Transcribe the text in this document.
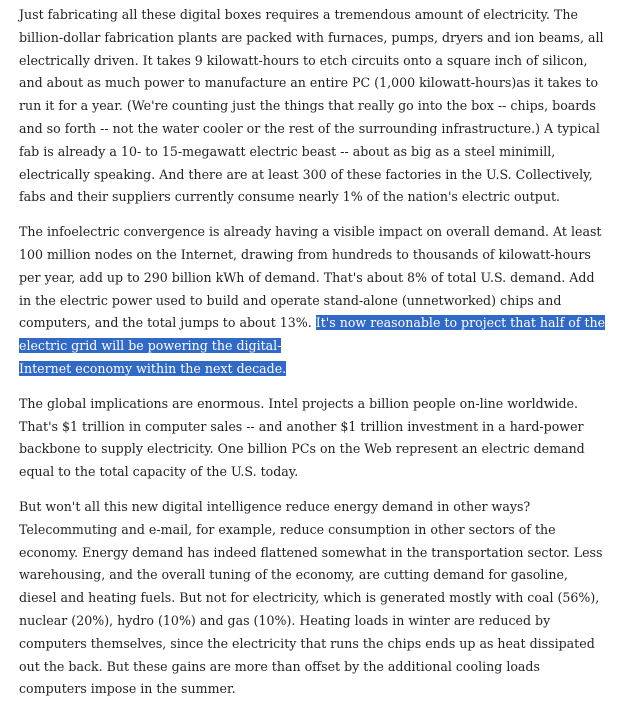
Just fabricating all these digital boxes requires a tremendous amount of electricity. The billion-dollar fabrication plants are packed with furnaces, pumps, dryers and ion beams, all electrically driven. It takes 9 kilowatt-hours to etch circuits onto a square inch of silicon, and about as much power to manufacture an entire PC (1,000 kilowatt-hours)as it takes to run it for a year. (We're counting just the things that really go into the box -- chips, boards and so forth -- not the water cooler or the rest of the surrounding infrastructure.) A typical fab is already a 10- to 15-megawatt electric beast -- about as big as a steel minimill, electrically speaking. And there are at least 300 of these factories in the U.S. Collectively, fabs and their suppliers currently consume nearly 1% of the nation's electric output.

The infoelectric convergence is already having a visible impact on overall demand. At least 100 million nodes on the Internet, drawing from hundreds to thousands of kilowatt-hours per year, add up to 290 billion kWh of demand. That's about 8% of total U.S. demand. Add in the electric power used to build and operate stand-alone (unnetworked) chips and computers, and the total jumps to about 13%. It's now reasonable to project that half of the electric grid will be powering the digital-
Internet economy within the next decade.

The global implications are enormous. Intel projects a billion people on-line worldwide. That's $1 trillion in computer sales -- and another $1 trillion investment in a hard-power backbone to supply electricity. One billion PCs on the Web represent an electric demand equal to the total capacity of the U.S. today.

But won't all this new digital intelligence reduce energy demand in other ways? Telecommuting and e-mail, for example, reduce consumption in other sectors of the economy. Energy demand has indeed flattened somewhat in the transportation sector. Less warehousing, and the overall tuning of the economy, are cutting demand for gasoline, diesel and heating fuels. But not for electricity, which is generated mostly with coal (56%), nuclear (20%), hydro (10%) and gas (10%). Heating loads in winter are reduced by computers themselves, since the electricity that runs the chips ends up as heat dissipated out the back. But these gains are more than offset by the additional cooling loads computers impose in the summer.
